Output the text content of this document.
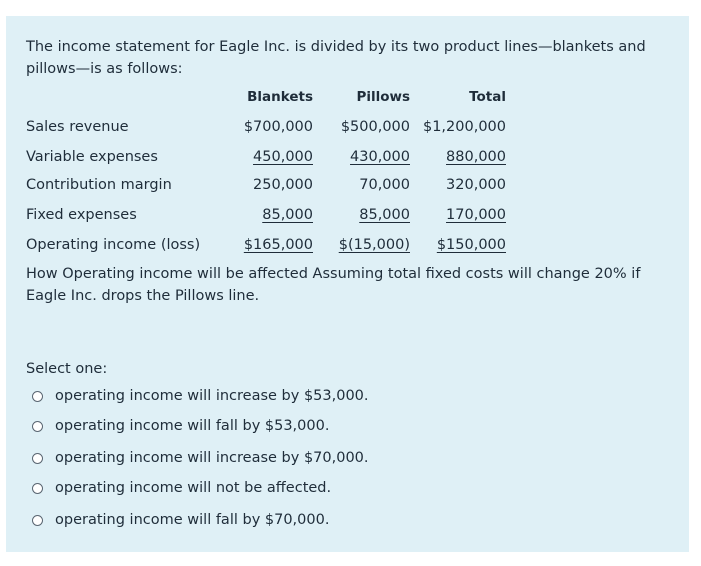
The income statement for Eagle Inc. is divided by its two product lines—blankets and pillows—is as follows:
Blankets	Pillows	Total
Sales revenue	$700,000 $500,000 $1,200,000
Variable expenses	450,000	430,000 880,000
Contribution margin	250,000	70,000 320,000
Fixed expenses	85,000	85,000 170,000
Operating income (loss)	$165,000 $(15,000) $150,000
How Operating income will be affected Assuming total fixed costs will change 20% if Eagle Inc. drops the Pillows line.
Select one:
operating income will increase by $53,000.
operating income will fall by $53,000.
operating income will increase by $70,000.
operating income will not be affected.
operating income will fall by $70,000.
